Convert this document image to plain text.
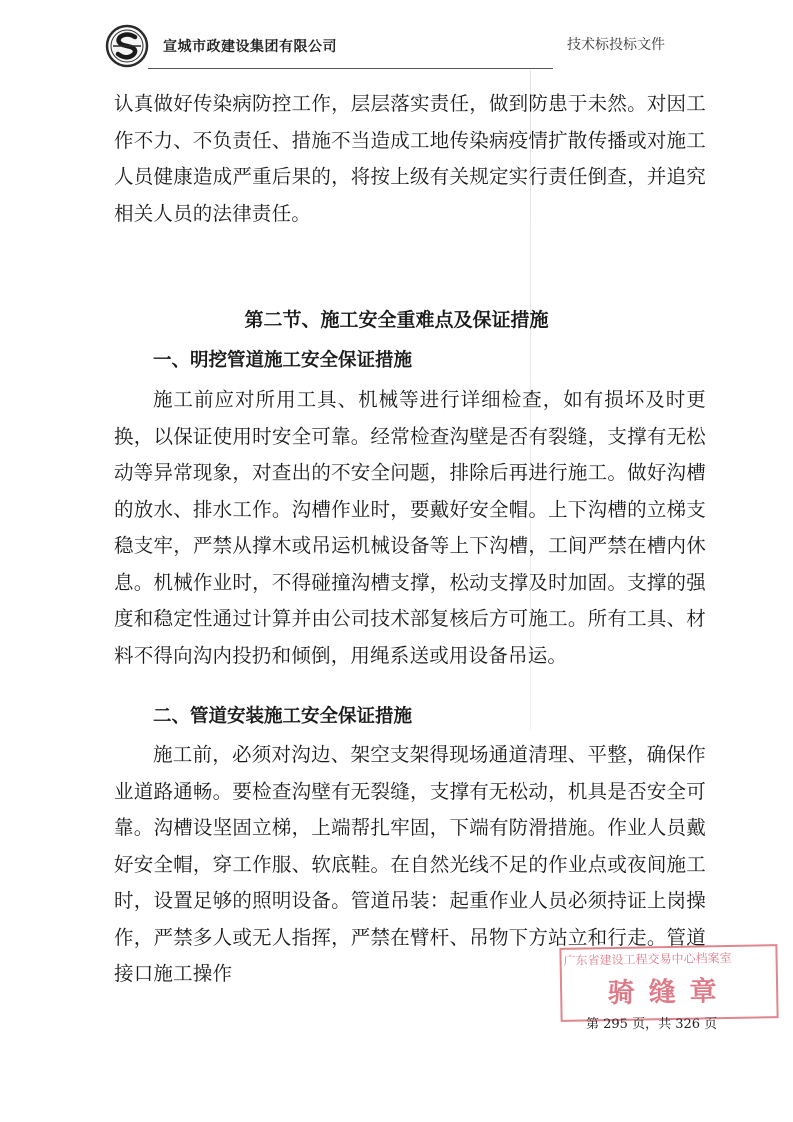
宣城市政建设集团有限公司	技术标投标文件

认真做好传染病防控工作，层层落实责任，做到防患于未然。对因工作不力、不负责任、措施不当造成工地传染病疫情扩散传播或对施工人员健康造成严重后果的，将按上级有关规定实行责任倒查，并追究相关人员的法律责任。

第二节、施工安全重难点及保证措施
一、明挖管道施工安全保证措施

施工前应对所用工具、机械等进行详细检查，如有损坏及时更换，以保证使用时安全可靠。经常检查沟壁是否有裂缝，支撑有无松动等异常现象，对查出的不安全问题，排除后再进行施工。做好沟槽的放水、排水工作。沟槽作业时，要戴好安全帽。上下沟槽的立梯支稳支牢，严禁从撑木或吊运机械设备等上下沟槽，工间严禁在槽内休息。机械作业时，不得碰撞沟槽支撑，松动支撑及时加固。支撑的强度和稳定性通过计算并由公司技术部复核后方可施工。所有工具、材料不得向沟内投扔和倾倒，用绳系送或用设备吊运。

二、管道安装施工安全保证措施

施工前，必须对沟边、架空支架得现场通道清理、平整，确保作业道路通畅。要检查沟壁有无裂缝，支撑有无松动，机具是否安全可靠。沟槽设坚固立梯，上端帮扎牢固，下端有防滑措施。作业人员戴好安全帽，穿工作服、软底鞋。在自然光线不足的作业点或夜间施工时，设置足够的照明设备。管道吊装：起重作业人员必须持证上岗操作，严禁多人或无人指挥，严禁在臂杆、吊物下方站立和行走。管道接口施工操作

广东省建设工程交易中心档案室
骑缝章
第 295 页，共 326 页
